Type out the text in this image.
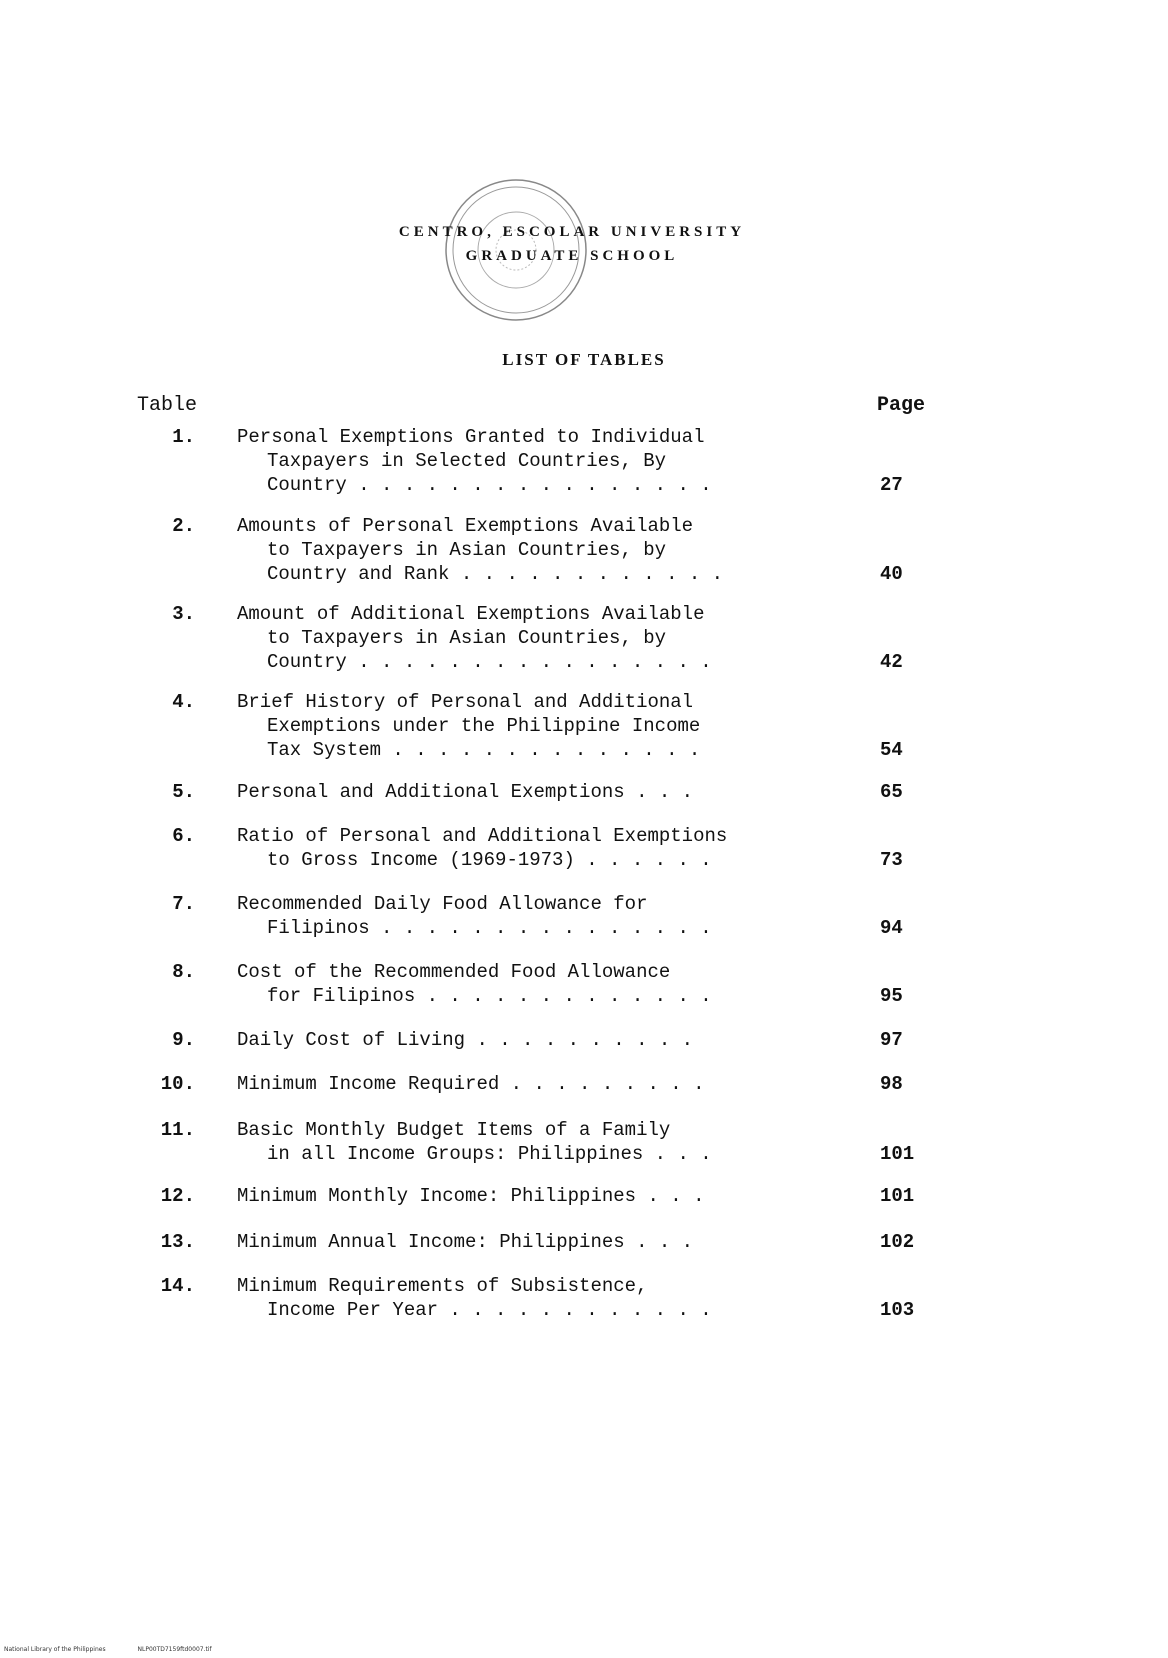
CENTRO, ESCOLAR UNIVERSITY
GRADUATE SCHOOL
LIST OF TABLES
Table	Page
1. Personal Exemptions Granted to Individual
Taxpayers in Selected Countries, By
Country . . . . . . . . . . . . . . . .	27
2. Amounts of Personal Exemptions Available
to Taxpayers in Asian Countries, by
Country and Rank . . . . . . . . . . . .	40
3. Amount of Additional Exemptions Available
to Taxpayers in Asian Countries, by
Country . . . . . . . . . . . . . . . .	42
4. Brief History of Personal and Additional
Exemptions under the Philippine Income
Tax System . . . . . . . . . . . . . .	54
5. Personal and Additional Exemptions . . .	65
6. Ratio of Personal and Additional Exemptions
to Gross Income (1969-1973) . . . . . .	73
7. Recommended Daily Food Allowance for
Filipinos . . . . . . . . . . . . . . .	94
8. Cost of the Recommended Food Allowance
for Filipinos . . . . . . . . . . . . .	95
9. Daily Cost of Living . . . . . . . . . .	97
10. Minimum Income Required . . . . . . . . .	98
11. Basic Monthly Budget Items of a Family
in all Income Groups: Philippines . . .	101
12. Minimum Monthly Income: Philippines . . .	101
13. Minimum Annual Income: Philippines . . .	102
14. Minimum Requirements of Subsistence,
Income Per Year . . . . . . . . . . . .	103
National Library of the Philippines	NLP00TD7159ftd0007.tif
